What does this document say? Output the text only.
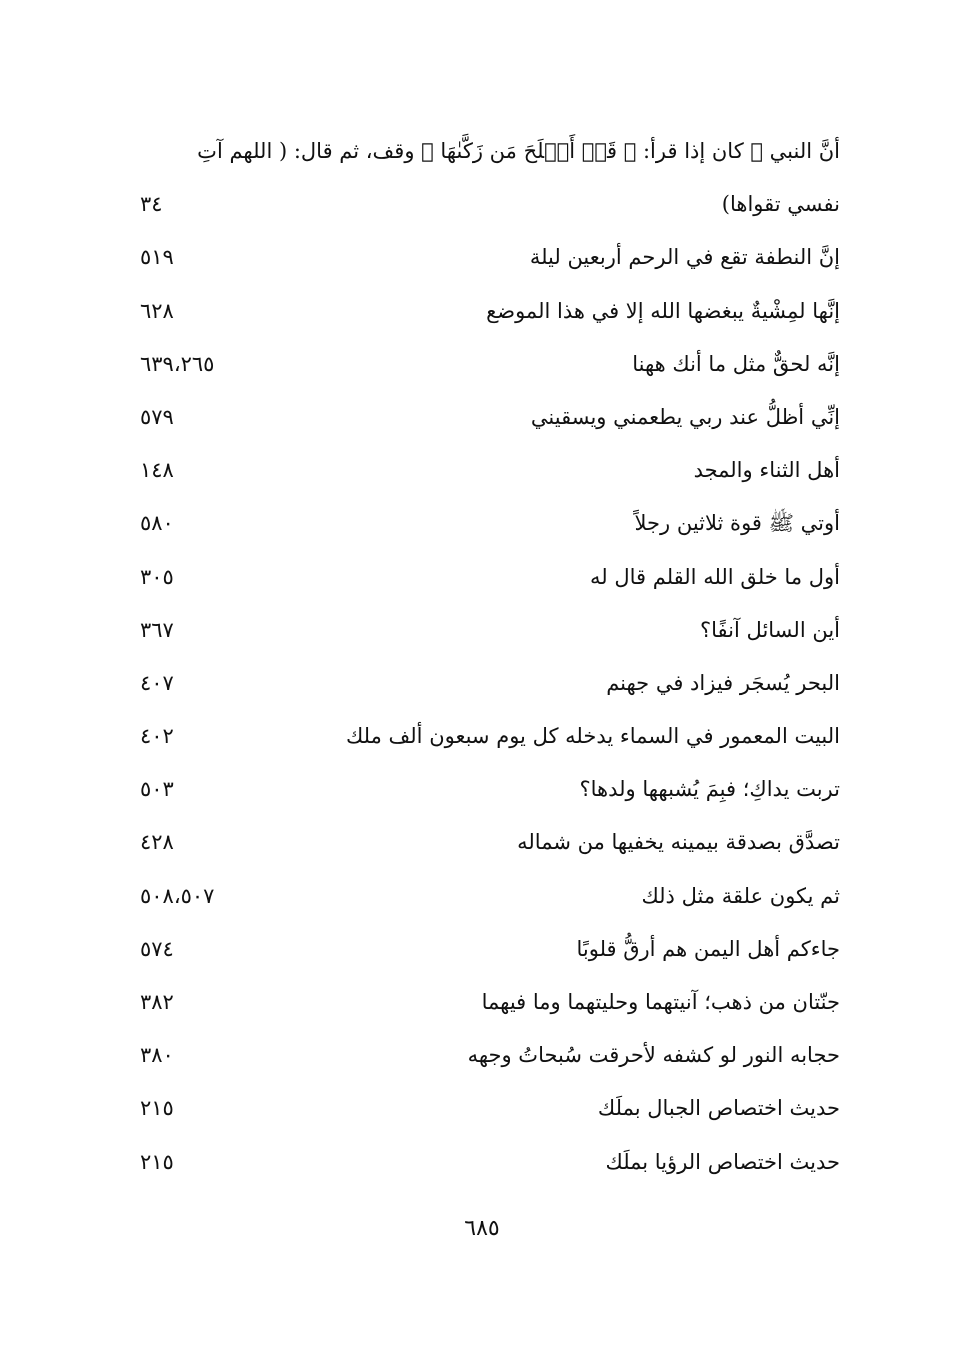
أنَّ النبي ﷺ كان إذا قرأ: ﴿ قَدۡ أَفۡلَحَ مَن زَكَّىٰهَا ﴾ وقف، ثم قال: ( اللهم آتِ
نفسي تقواها)
٣٤
إنَّ النطفة تقع في الرحم أربعين ليلة
٥١٩
إنَّها لمِشْيةٌ يبغضها الله إلا في هذا الموضع
٦٢٨
إنَّه لحقٌّ مثل ما أنك ههنا
٦٣٩،٢٦٥
إنِّي أظلُّ عند ربي يطعمني ويسقيني
٥٧٩
أهل الثناء والمجد
١٤٨
أوتي ﷺ قوة ثلاثين رجلاً
٥٨٠
أول ما خلق الله القلم قال له
٣٠٥
أين السائل آنفًا؟
٣٦٧
البحر يُسجَر فيزاد في جهنم
٤٠٧
البيت المعمور في السماء يدخله كل يوم سبعون ألف ملك
٤٠٢
تربت يداكِ؛ فبِمَ يُشبهها ولدها؟
٥٠٣
تصدَّق بصدقة بيمينه يخفيها من شماله
٤٢٨
ثم يكون علقة مثل ذلك
٥٠٨،٥٠٧
جاءكم أهل اليمن هم أرقُّ قلوبًا
٥٧٤
جنّتان من ذهب؛ آنيتهما وحليتهما وما فيهما
٣٨٢
حجابه النور لو كشفه لأحرقت سُبحاتُ وجهه
٣٨٠
حديث اختصاص الجبال بملَك
٢١٥
حديث اختصاص الرؤيا بملَك
٢١٥
٦٨٥
